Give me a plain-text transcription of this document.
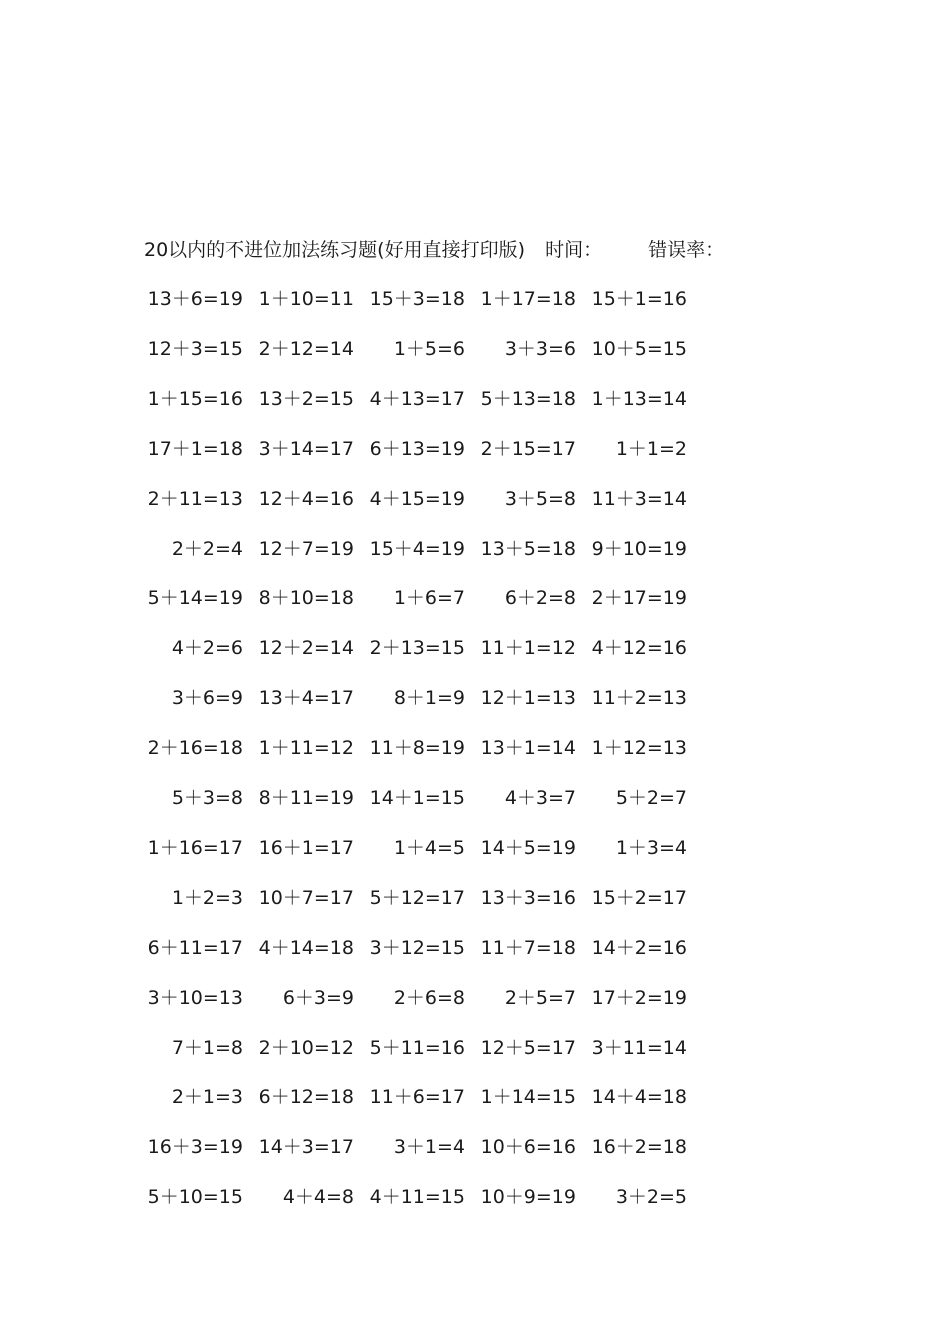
20以内的不进位加法练习题(好用直接打印版) 时间： 错误率：
13＋6=19 1＋10=11 15＋3=18 1＋17=18 15＋1=16
12＋3=15 2＋12=14 1＋5=6 3＋3=6 10＋5=15
1＋15=16 13＋2=15 4＋13=17 5＋13=18 1＋13=14
17＋1=18 3＋14=17 6＋13=19 2＋15=17 1＋1=2
2＋11=13 12＋4=16 4＋15=19 3＋5=8 11＋3=14
2＋2=4 12＋7=19 15＋4=19 13＋5=18 9＋10=19
5＋14=19 8＋10=18 1＋6=7 6＋2=8 2＋17=19
4＋2=6 12＋2=14 2＋13=15 11＋1=12 4＋12=16
3＋6=9 13＋4=17 8＋1=9 12＋1=13 11＋2=13
2＋16=18 1＋11=12 11＋8=19 13＋1=14 1＋12=13
5＋3=8 8＋11=19 14＋1=15 4＋3=7 5＋2=7
1＋16=17 16＋1=17 1＋4=5 14＋5=19 1＋3=4
1＋2=3 10＋7=17 5＋12=17 13＋3=16 15＋2=17
6＋11=17 4＋14=18 3＋12=15 11＋7=18 14＋2=16
3＋10=13 6＋3=9 2＋6=8 2＋5=7 17＋2=19
7＋1=8 2＋10=12 5＋11=16 12＋5=17 3＋11=14
2＋1=3 6＋12=18 11＋6=17 1＋14=15 14＋4=18
16＋3=19 14＋3=17 3＋1=4 10＋6=16 16＋2=18
5＋10=15 4＋4=8 4＋11=15 10＋9=19 3＋2=5
